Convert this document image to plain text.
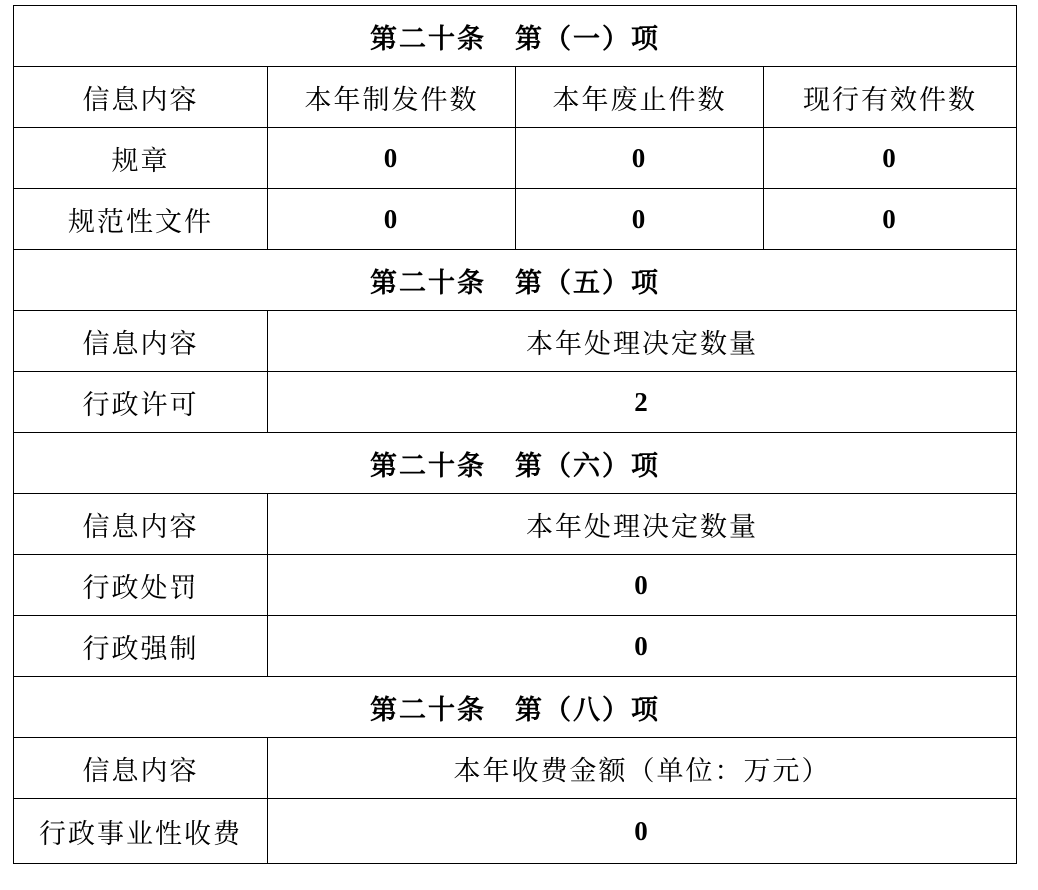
第二十条　第（一）项			
信息内容	本年制发件数	本年废止件数	现行有效件数
规章	0	0	0
规范性文件	0	0	0
第二十条　第（五）项			
信息内容	本年处理决定数量		
行政许可	2		
第二十条　第（六）项			
信息内容	本年处理决定数量		
行政处罚	0		
行政强制	0		
第二十条　第（八）项			
信息内容	本年收费金额（单位：万元）		
行政事业性收费	0		
